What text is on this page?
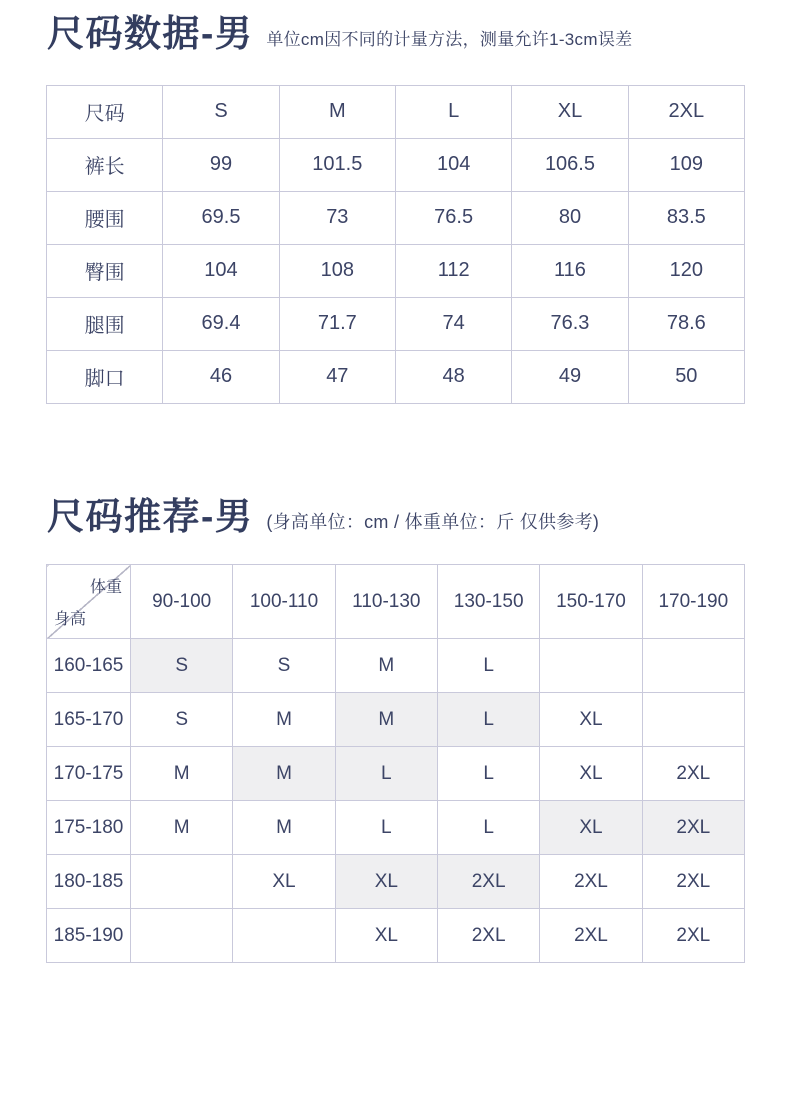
尺码数据-男 单位cm因不同的计量方法，测量允许1-3cm误差
尺码	S	M	L	XL	2XL
裤长	99	101.5	104	106.5	109
腰围	69.5	73	76.5	80	83.5
臀围	104	108	112	116	120
腿围	69.4	71.7	74	76.3	78.6
脚口	46	47	48	49	50
尺码推荐-男 (身高单位：cm / 体重单位：斤 仅供参考)
体重
身高	90-100	100-110	110-130	130-150	150-170	170-190
160-165	S	S	M	L		
165-170	S	M	M	L	XL	
170-175	M	M	L	L	XL	2XL
175-180	M	M	L	L	XL	2XL
180-185		XL	XL	2XL	2XL	2XL
185-190			XL	2XL	2XL	2XL
